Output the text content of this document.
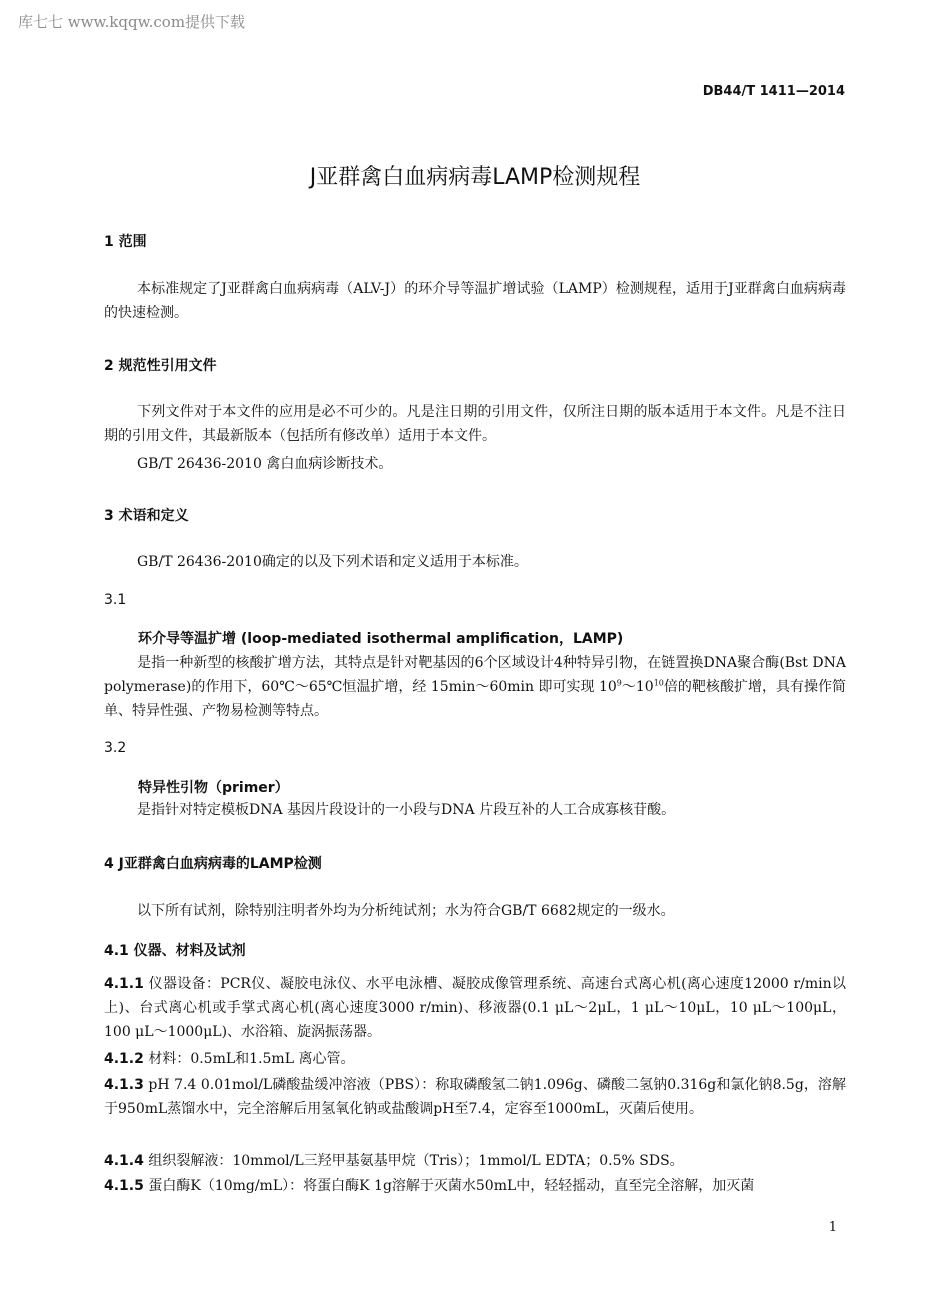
库七七 www.kqqw.com提供下载
DB44/T 1411—2014
J亚群禽白血病病毒LAMP检测规程
1 范围
本标准规定了J亚群禽白血病病毒（ALV-J）的环介导等温扩增试验（LAMP）检测规程，适用于J亚群禽白血病病毒的快速检测。
2 规范性引用文件
下列文件对于本文件的应用是必不可少的。凡是注日期的引用文件，仅所注日期的版本适用于本文件。凡是不注日期的引用文件，其最新版本（包括所有修改单）适用于本文件。
GB/T 26436-2010 禽白血病诊断技术。
3 术语和定义
GB/T 26436-2010确定的以及下列术语和定义适用于本标准。
3.1
环介导等温扩增 (loop-mediated isothermal amplification，LAMP)
是指一种新型的核酸扩增方法，其特点是针对靶基因的6个区域设计4种特异引物，在链置换DNA聚合酶(Bst DNA polymerase)的作用下，60℃～65℃恒温扩增，经 15min～60min 即可实现 $10^9\sim 10^{10}$倍的靶核酸扩增，具有操作简单、特异性强、产物易检测等特点。
3.2
特异性引物（primer）
是指针对特定模板DNA 基因片段设计的一小段与DNA 片段互补的人工合成寡核苷酸。
4 J亚群禽白血病病毒的LAMP检测
以下所有试剂，除特别注明者外均为分析纯试剂；水为符合GB/T 6682规定的一级水。
4.1 仪器、材料及试剂
4.1.1 仪器设备：PCR仪、凝胶电泳仪、水平电泳槽、凝胶成像管理系统、高速台式离心机(离心速度12000 r/min以上)、台式离心机或手掌式离心机(离心速度3000 r/min)、移液器(0.1 μL～2μL，1 μL～10μL，10 μL～100μL，100 μL～1000μL)、水浴箱、旋涡振荡器。
4.1.2 材料：0.5mL和1.5mL 离心管。
4.1.3 pH 7.4 0.01mol/L磷酸盐缓冲溶液（PBS）：称取磷酸氢二钠1.096g、磷酸二氢钠0.316g和氯化钠8.5g，溶解于950mL蒸馏水中，完全溶解后用氢氧化钠或盐酸调pH至7.4，定容至1000mL，灭菌后使用。
4.1.4 组织裂解液：10mmol/L三羟甲基氨基甲烷（Tris）；1mmol/L EDTA；0.5% SDS。
4.1.5 蛋白酶K（10mg/mL）：将蛋白酶K 1g溶解于灭菌水50mL中，轻轻摇动，直至完全溶解，加灭菌
1
